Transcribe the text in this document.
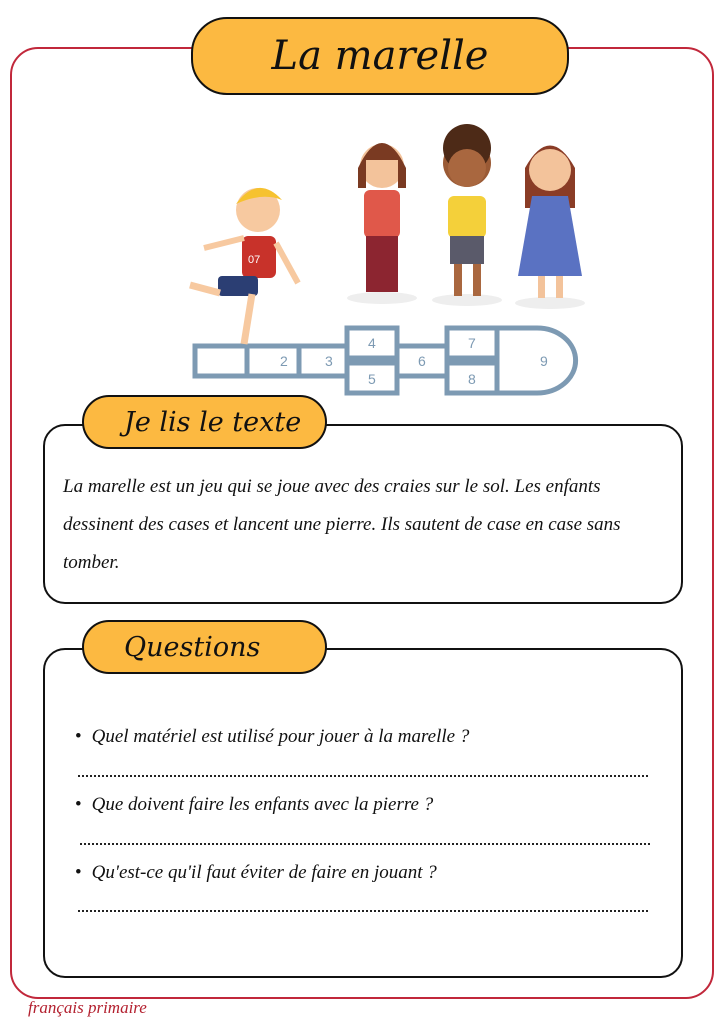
La marelle
2	3
4
5
6
7
8
9
07
Je lis le texte
La marelle est un jeu qui se joue avec des craies sur le sol. Les enfants dessinent des cases et lancent une pierre. Ils sautent de case en case sans tomber.
Questions
• Quel matériel est utilisé pour jouer à la marelle ?
• Que doivent faire les enfants avec la pierre ?
• Qu'est-ce qu'il faut éviter de faire en jouant ?
français primaire
